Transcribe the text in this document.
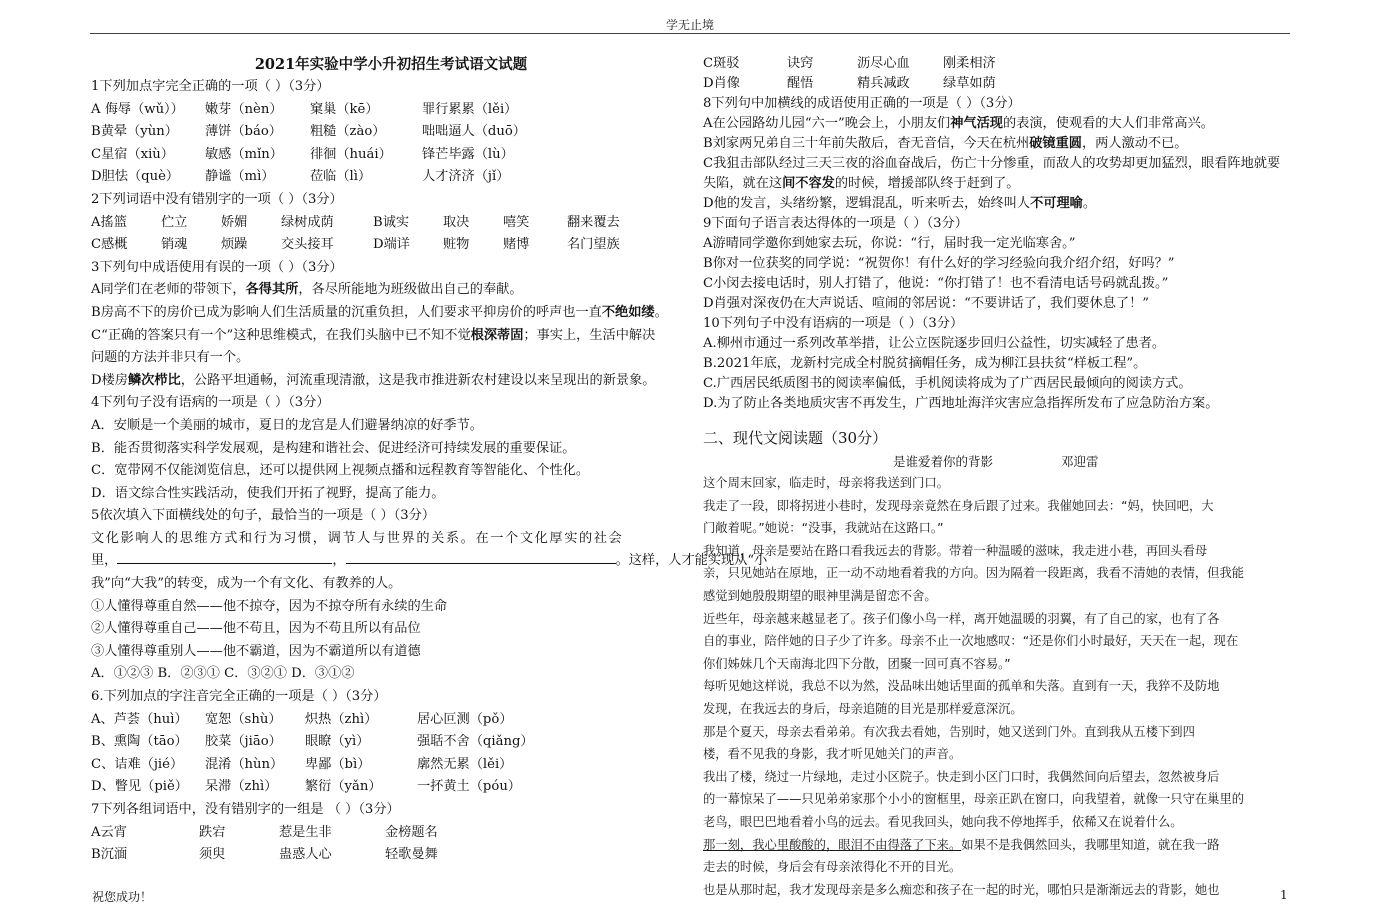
学无止境
2021年实验中学小升初招生考试语文试题
1下列加点字完全正确的一项（ ）（3分）
A 侮辱（wǔ）） 嫩芽（nèn） 窠巢（kē）	罪行累累（lěi）
B黄晕（yùn） 薄饼（báo） 粗糙（zào）	咄咄逼人（duō）
C星宿（xiù） 敏感（mǐn） 徘徊（huái） 锋芒毕露（lù）
D胆怯（què） 静谧（mì）	莅临（lì）	人才济济（jǐ）
2下列词语中没有错别字的一项（ ）（3分）
A搖篮	伫立	娇媚	绿树成荫	B诚实	取决	嘻笑	翻来覆去
C感概	销魂	烦躁	交头接耳	D端详	赃物	赌博	名门望族
3下列句中成语使用有误的一项（ ）（3分）
A同学们在老师的带领下，各得其所，各尽所能地为班级做出自己的奉献。
B房高不下的房价已成为影响人们生活质量的沉重负担，人们要求平抑房价的呼声也一直不绝如缕。
C“正确的答案只有一个”这种思维模式，在我们头脑中已不知不觉根深蒂固；事实上，生活中解决
问题的方法并非只有一个。
D楼房鳞次栉比，公路平坦通畅，河流重现清澈，这是我市推进新农村建设以来呈现出的新景象。
4下列句子没有语病的一项是（ ）（3分）
A．安顺是一个美丽的城市，夏日的龙宫是人们避暑纳凉的好季节。
B．能否贯彻落实科学发展观，是构建和谐社会、促进经济可持续发展的重要保证。
C．宽带网不仅能浏览信息，还可以提供网上视频点播和远程教育等智能化、个性化。
D．语文综合性实践活动，使我们开拓了视野，提高了能力。
5依次填入下面横线处的句子，最恰当的一项是（ ）（3分）
文化影响人的思维方式和行为习惯，调节人与世界的关系。在一个文化厚实的社会
里，	，	。这样，人才能实现从“小
我”向“大我”的转变，成为一个有文化、有教养的人。
①人懂得尊重自然——他不掠夺，因为不掠夺所有永续的生命
②人懂得尊重自己——他不苟且，因为不苟且所以有品位
③人懂得尊重别人——他不霸道，因为不霸道所以有道德
A．①②③ B．②③① C．③②① D．③①②
6.下列加点的字注音完全正确的一项是（ ）（3分）
A、芦荟（huì） 宽恕（shù） 炽热（zhì）	居心叵测（pǒ）
B、熏陶（tāo） 胶菜（jiāo） 眼瞭（yì）	强聒不舍（qiǎng）
C、诘难（jié） 混淆（hùn） 卑鄙（bì）	廓然无累（lěi）
D、瞥见（piě） 呆滞（zhì） 繁衍（yǎn）	一抔黄土（póu）
7下列各组词语中，没有错别字的一组是 （ ）（3分）
A云宵	跌宕	惹是生非	金榜题名
B沉湎	须臾	蛊惑人心	轻歌曼舞
C斑驳	诀窍	沥尽心血	刚柔相济
D肖像	醒悟	精兵减政	绿草如荫
8下列句中加横线的成语使用正确的一项是（ ）（3分）
A在公园路幼儿园“六一”晚会上，小朋友们神气活现的表演，使观看的大人们非常高兴。
B刘家两兄弟自三十年前失散后，杳无音信，今天在杭州破镜重圆，两人激动不已。
C我狙击部队经过三天三夜的浴血奋战后，伤亡十分惨重，而敌人的攻势却更加猛烈，眼看阵地就要
失陷，就在这间不容发的时候，增援部队终于赶到了。
D他的发言，头绪纷繁，逻辑混乱，听来听去，始终叫人不可理喻。
9下面句子语言表达得体的一项是（ ）（3分）
A游晴同学邀你到她家去玩，你说：“行，届时我一定光临寒舍。”
B你对一位获奖的同学说：“祝贺你！有什么好的学习经验向我介绍介绍，好吗？”
C小闵去接电话时，别人打错了，他说：“你打错了！也不看清电话号码就乱拨。”
D肖强对深夜仍在大声说话、喧闹的邻居说：“不要讲话了，我们要休息了！”
10下列句子中没有语病的一项是（ ）（3分）
A.柳州市通过一系列改革举措，让公立医院逐步回归公益性，切实减轻了患者。
B.2021年底，龙新村完成全村脱贫摘帽任务，成为柳江县扶贫“样板工程”。
C.广西居民纸质图书的阅读率偏低，手机阅读将成为了广西居民最倾向的阅读方式。
D.为了防止各类地质灾害不再发生，广西地址海洋灾害应急指挥所发布了应急防治方案。
二、现代文阅读题（30分）
是谁爱着你的背影	邓迎雷
这个周末回家，临走时，母亲将我送到门口。
我走了一段，即将拐进小巷时，发现母亲竟然在身后跟了过来。我催她回去：“妈，快回吧，大
门敞着呢。”她说：“没事，我就站在这路口。”
我知道，母亲是要站在路口看我远去的背影。带着一种温暖的滋味，我走进小巷，再回头看母
亲，只见她站在原地，正一动不动地看着我的方向。因为隔着一段距离，我看不清她的表情，但我能
感觉到她殷殷期望的眼神里满是留恋不舍。
近些年，母亲越来越显老了。孩子们像小鸟一样，离开她温暖的羽翼，有了自己的家，也有了各
自的事业，陪伴她的日子少了许多。母亲不止一次地感叹：“还是你们小时最好，天天在一起，现在
你们姊妹几个天南海北四下分散，团聚一回可真不容易。”
每听见她这样说，我总不以为然，没品味出她话里面的孤单和失落。直到有一天，我猝不及防地
发现，在我远去的身后，母亲追随的目光是那样爱意深沉。
那是个夏天，母亲去看弟弟。有次我去看她，告别时，她又送到门外。直到我从五楼下到四
楼，看不见我的身影，我才听见她关门的声音。
我出了楼，绕过一片绿地，走过小区院子。快走到小区门口时，我偶然间向后望去，忽然被身后
的一幕惊呆了——只见弟弟家那个小小的窗框里，母亲正趴在窗口，向我望着，就像一只守在巢里的
老鸟，眼巴巴地看着小鸟的远去。看见我回头，她向我不停地挥手，依稀又在说着什么。
那一刻，我心里酸酸的，眼泪不由得落了下来。如果不是我偶然回头，我哪里知道，就在我一路
走去的时候，身后会有母亲浓得化不开的目光。
也是从那时起，我才发现母亲是多么痴恋和孩子在一起的时光，哪怕只是渐渐远去的背影，她也
祝您成功！	1
